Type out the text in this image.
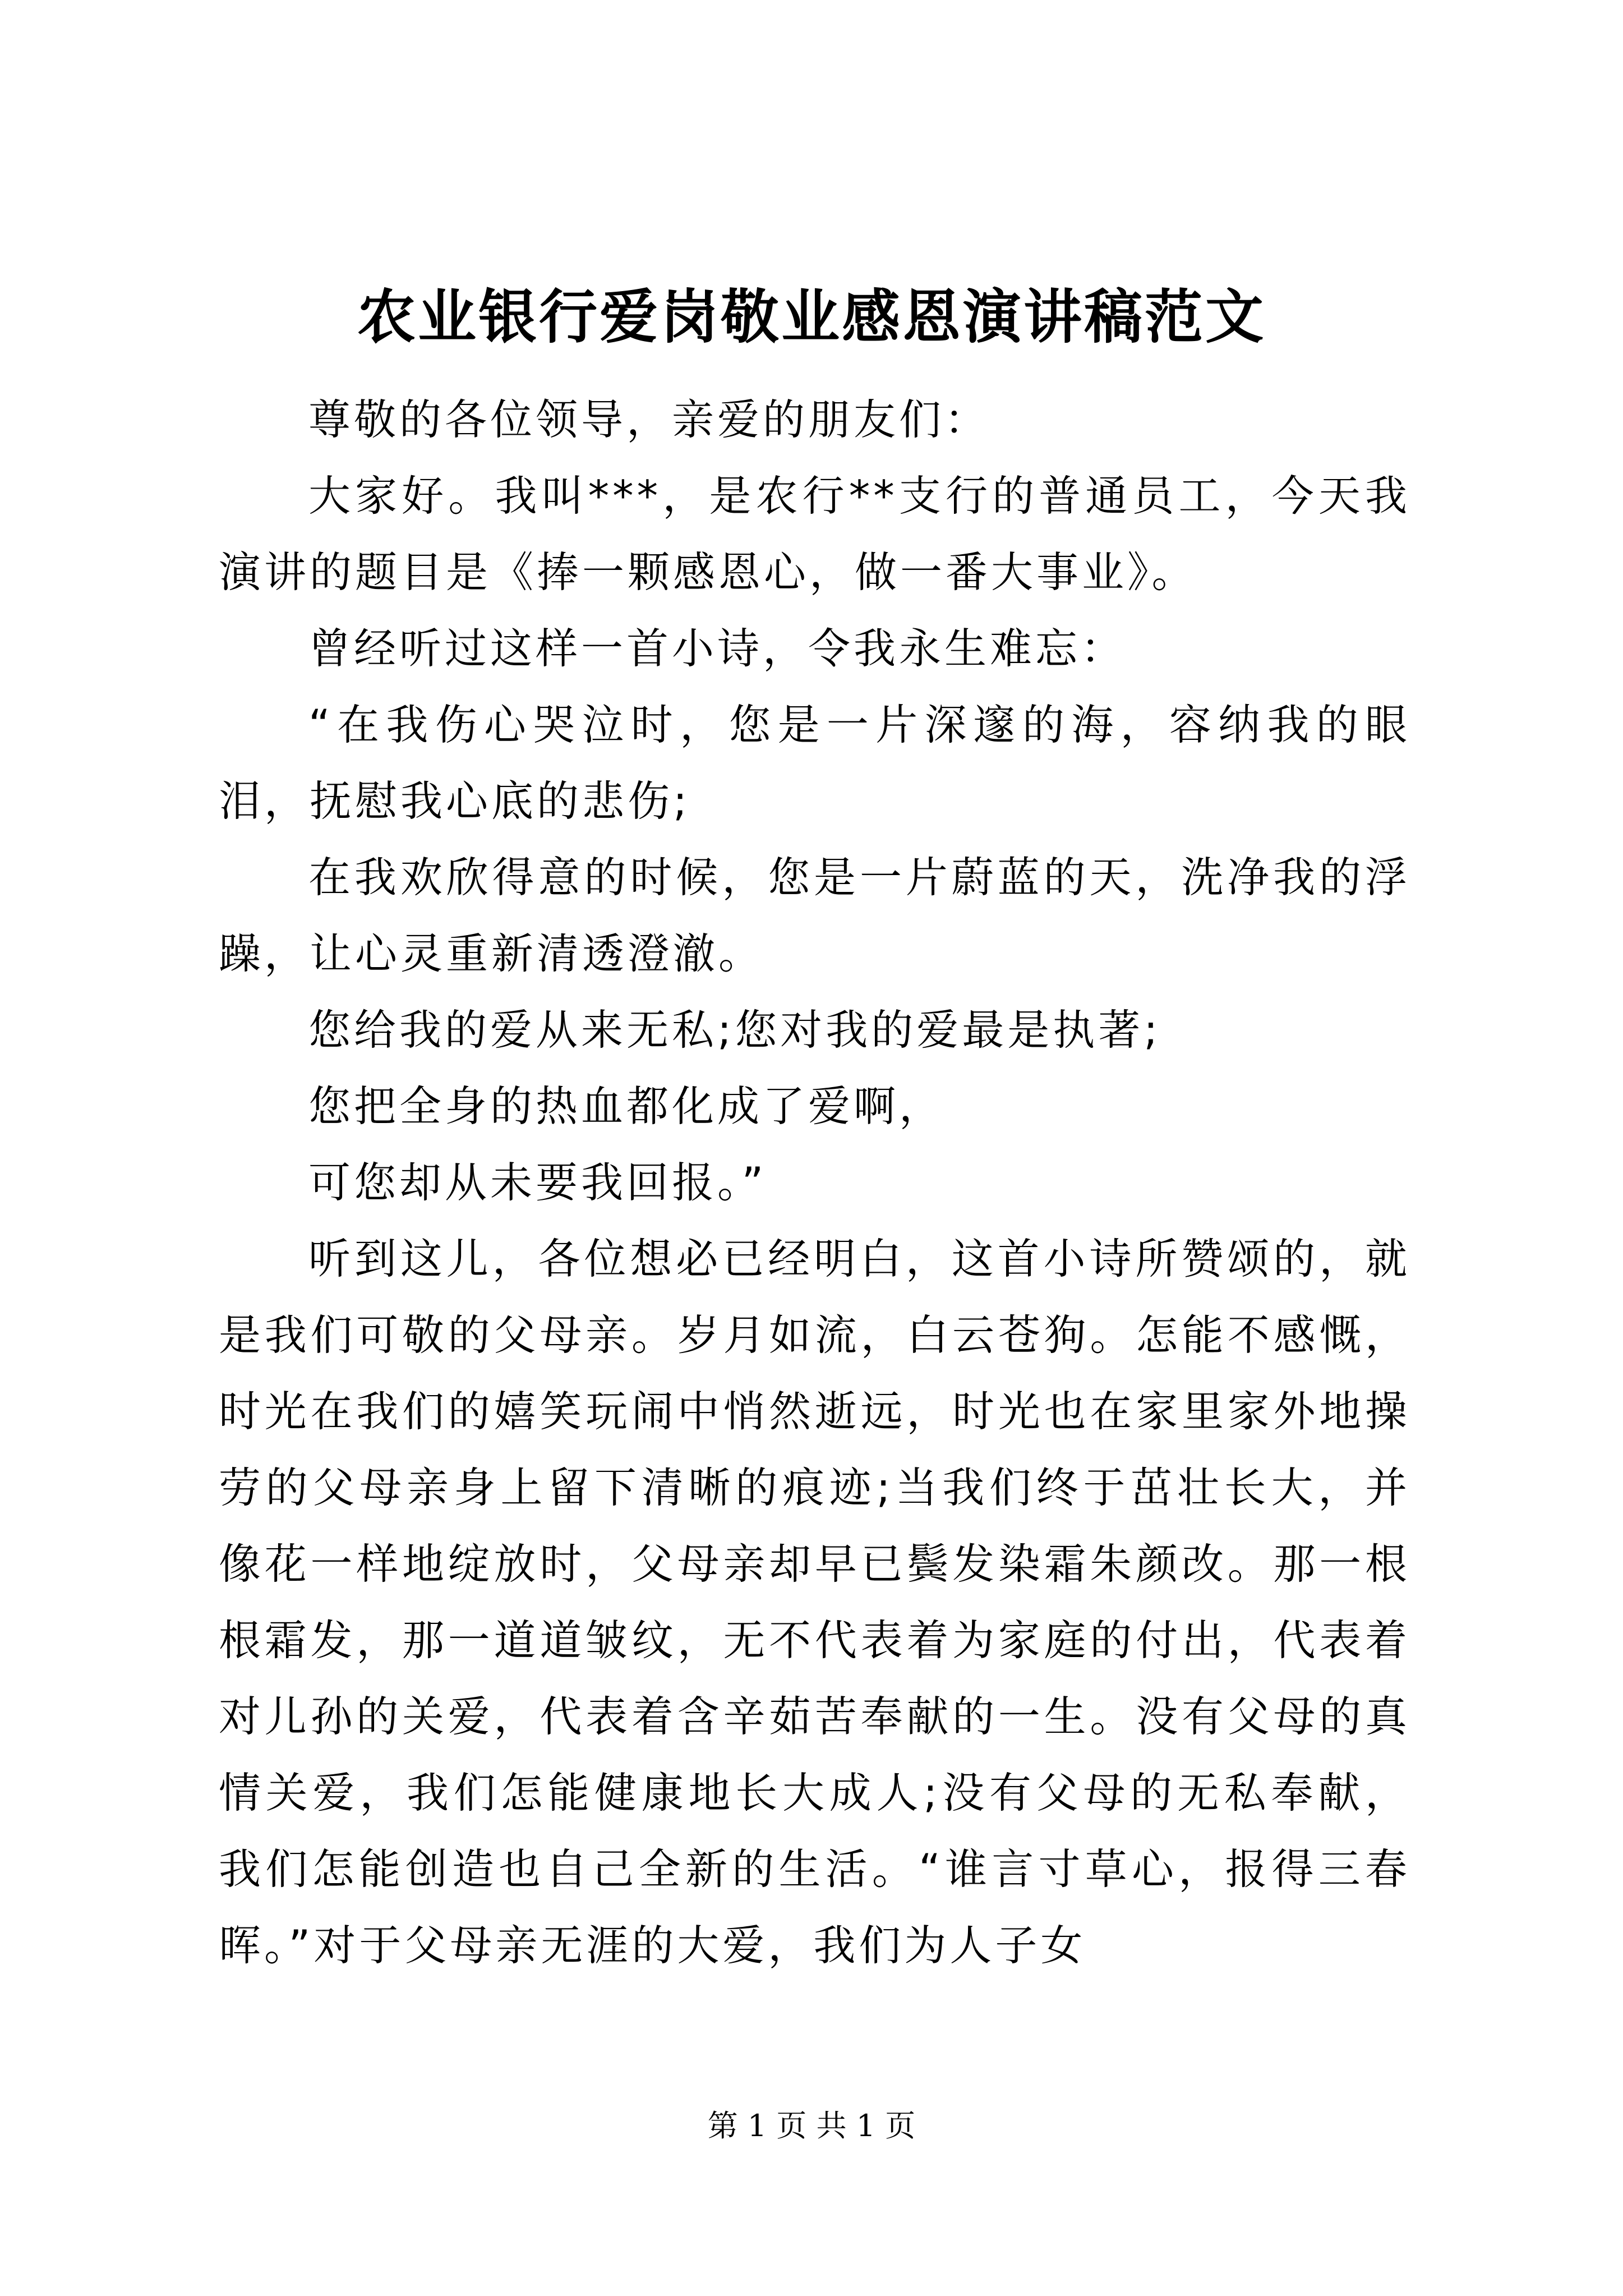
农业银行爱岗敬业感恩演讲稿范文

尊敬的各位领导，亲爱的朋友们：

大家好。我叫***，是农行**支行的普通员工，今天我演讲的题目是《捧一颗感恩心，做一番大事业》。

曾经听过这样一首小诗，令我永生难忘：

“在我伤心哭泣时，您是一片深邃的海，容纳我的眼泪，抚慰我心底的悲伤;

在我欢欣得意的时候，您是一片蔚蓝的天，洗净我的浮躁，让心灵重新清透澄澈。

您给我的爱从来无私;您对我的爱最是执著;

您把全身的热血都化成了爱啊，

可您却从未要我回报。”

听到这儿，各位想必已经明白，这首小诗所赞颂的，就是我们可敬的父母亲。岁月如流，白云苍狗。怎能不感慨，时光在我们的嬉笑玩闹中悄然逝远，时光也在家里家外地操劳的父母亲身上留下清晰的痕迹;当我们终于茁壮长大，并像花一样地绽放时，父母亲却早已鬓发染霜朱颜改。那一根根霜发，那一道道皱纹，无不代表着为家庭的付出，代表着对儿孙的关爱，代表着含辛茹苦奉献的一生。没有父母的真情关爱，我们怎能健康地长大成人;没有父母的无私奉献，我们怎能创造也自己全新的生活。“谁言寸草心，报得三春晖。”对于父母亲无涯的大爱，我们为人子女

第 1 页 共 1 页
